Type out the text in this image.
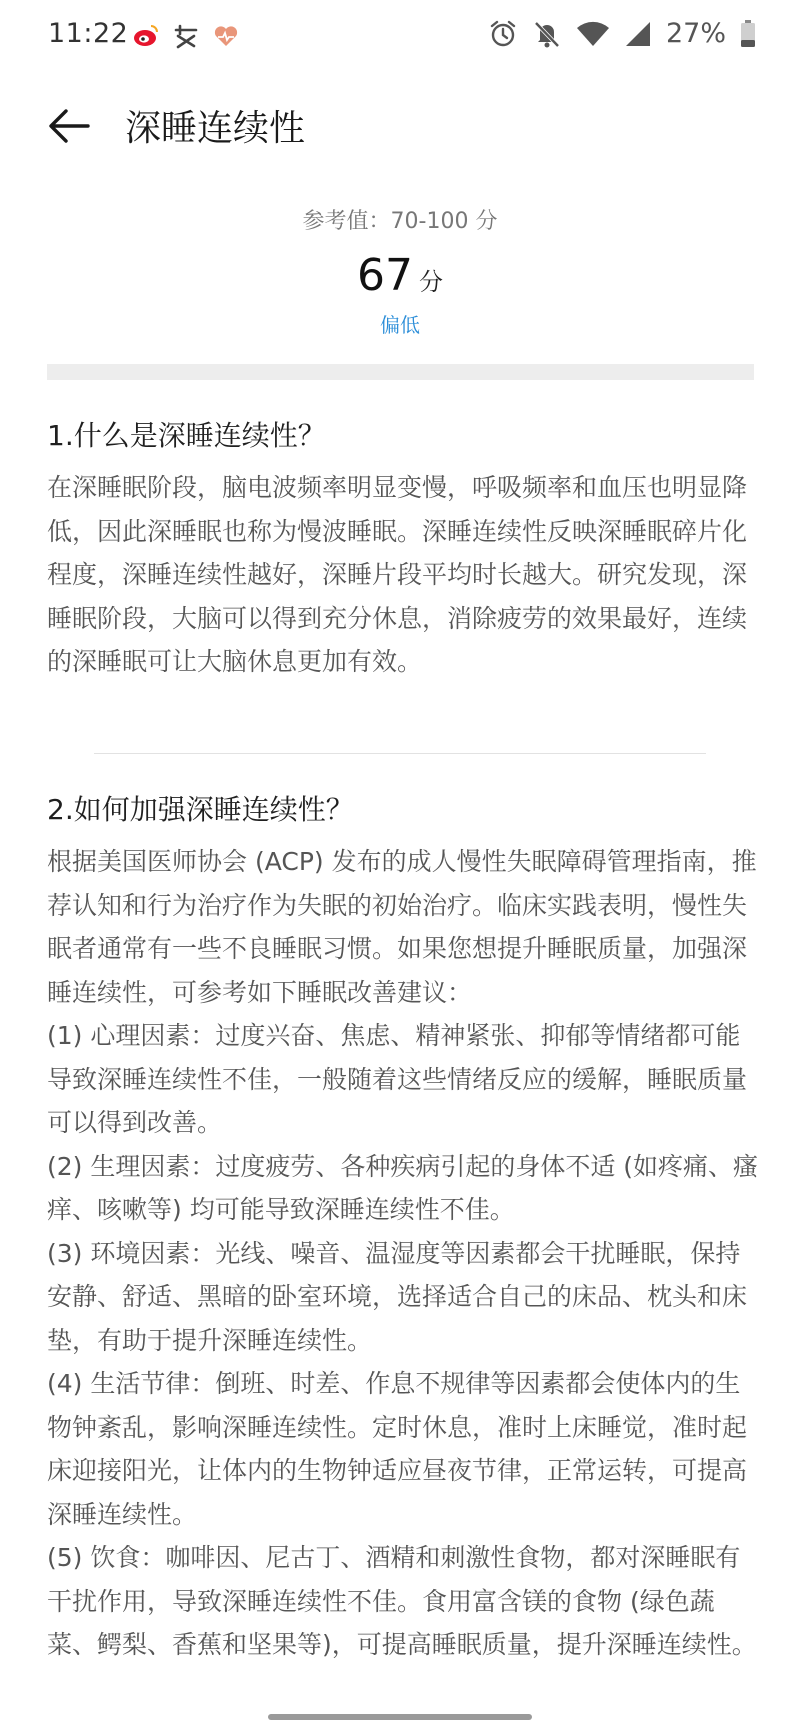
11:22	27%
深睡连续性
参考值：70-100 分
67 分
偏低
1.什么是深睡连续性？

在深睡眠阶段，脑电波频率明显变慢，呼吸频率和血压也明显降低，因此深睡眠也称为慢波睡眠。深睡连续性反映深睡眠碎片化程度，深睡连续性越好，深睡片段平均时长越大。研究发现，深睡眠阶段，大脑可以得到充分休息，消除疲劳的效果最好，连续的深睡眠可让大脑休息更加有效。

2.如何加强深睡连续性？

根据美国医师协会 (ACP) 发布的成人慢性失眠障碍管理指南，推荐认知和行为治疗作为失眠的初始治疗。临床实践表明，慢性失眠者通常有一些不良睡眠习惯。如果您想提升睡眠质量，加强深睡连续性，可参考如下睡眠改善建议：
(1) 心理因素：过度兴奋、焦虑、精神紧张、抑郁等情绪都可能导致深睡连续性不佳，一般随着这些情绪反应的缓解，睡眠质量可以得到改善。
(2) 生理因素：过度疲劳、各种疾病引起的身体不适 (如疼痛、瘙痒、咳嗽等) 均可能导致深睡连续性不佳。
(3) 环境因素：光线、噪音、温湿度等因素都会干扰睡眠，保持安静、舒适、黑暗的卧室环境，选择适合自己的床品、枕头和床垫，有助于提升深睡连续性。
(4) 生活节律：倒班、时差、作息不规律等因素都会使体内的生物钟紊乱，影响深睡连续性。定时休息，准时上床睡觉，准时起床迎接阳光，让体内的生物钟适应昼夜节律，正常运转，可提高深睡连续性。
(5) 饮食：咖啡因、尼古丁、酒精和刺激性食物，都对深睡眠有干扰作用，导致深睡连续性不佳。食用富含镁的食物 (绿色蔬菜、鳄梨、香蕉和坚果等)，可提高睡眠质量，提升深睡连续性。
